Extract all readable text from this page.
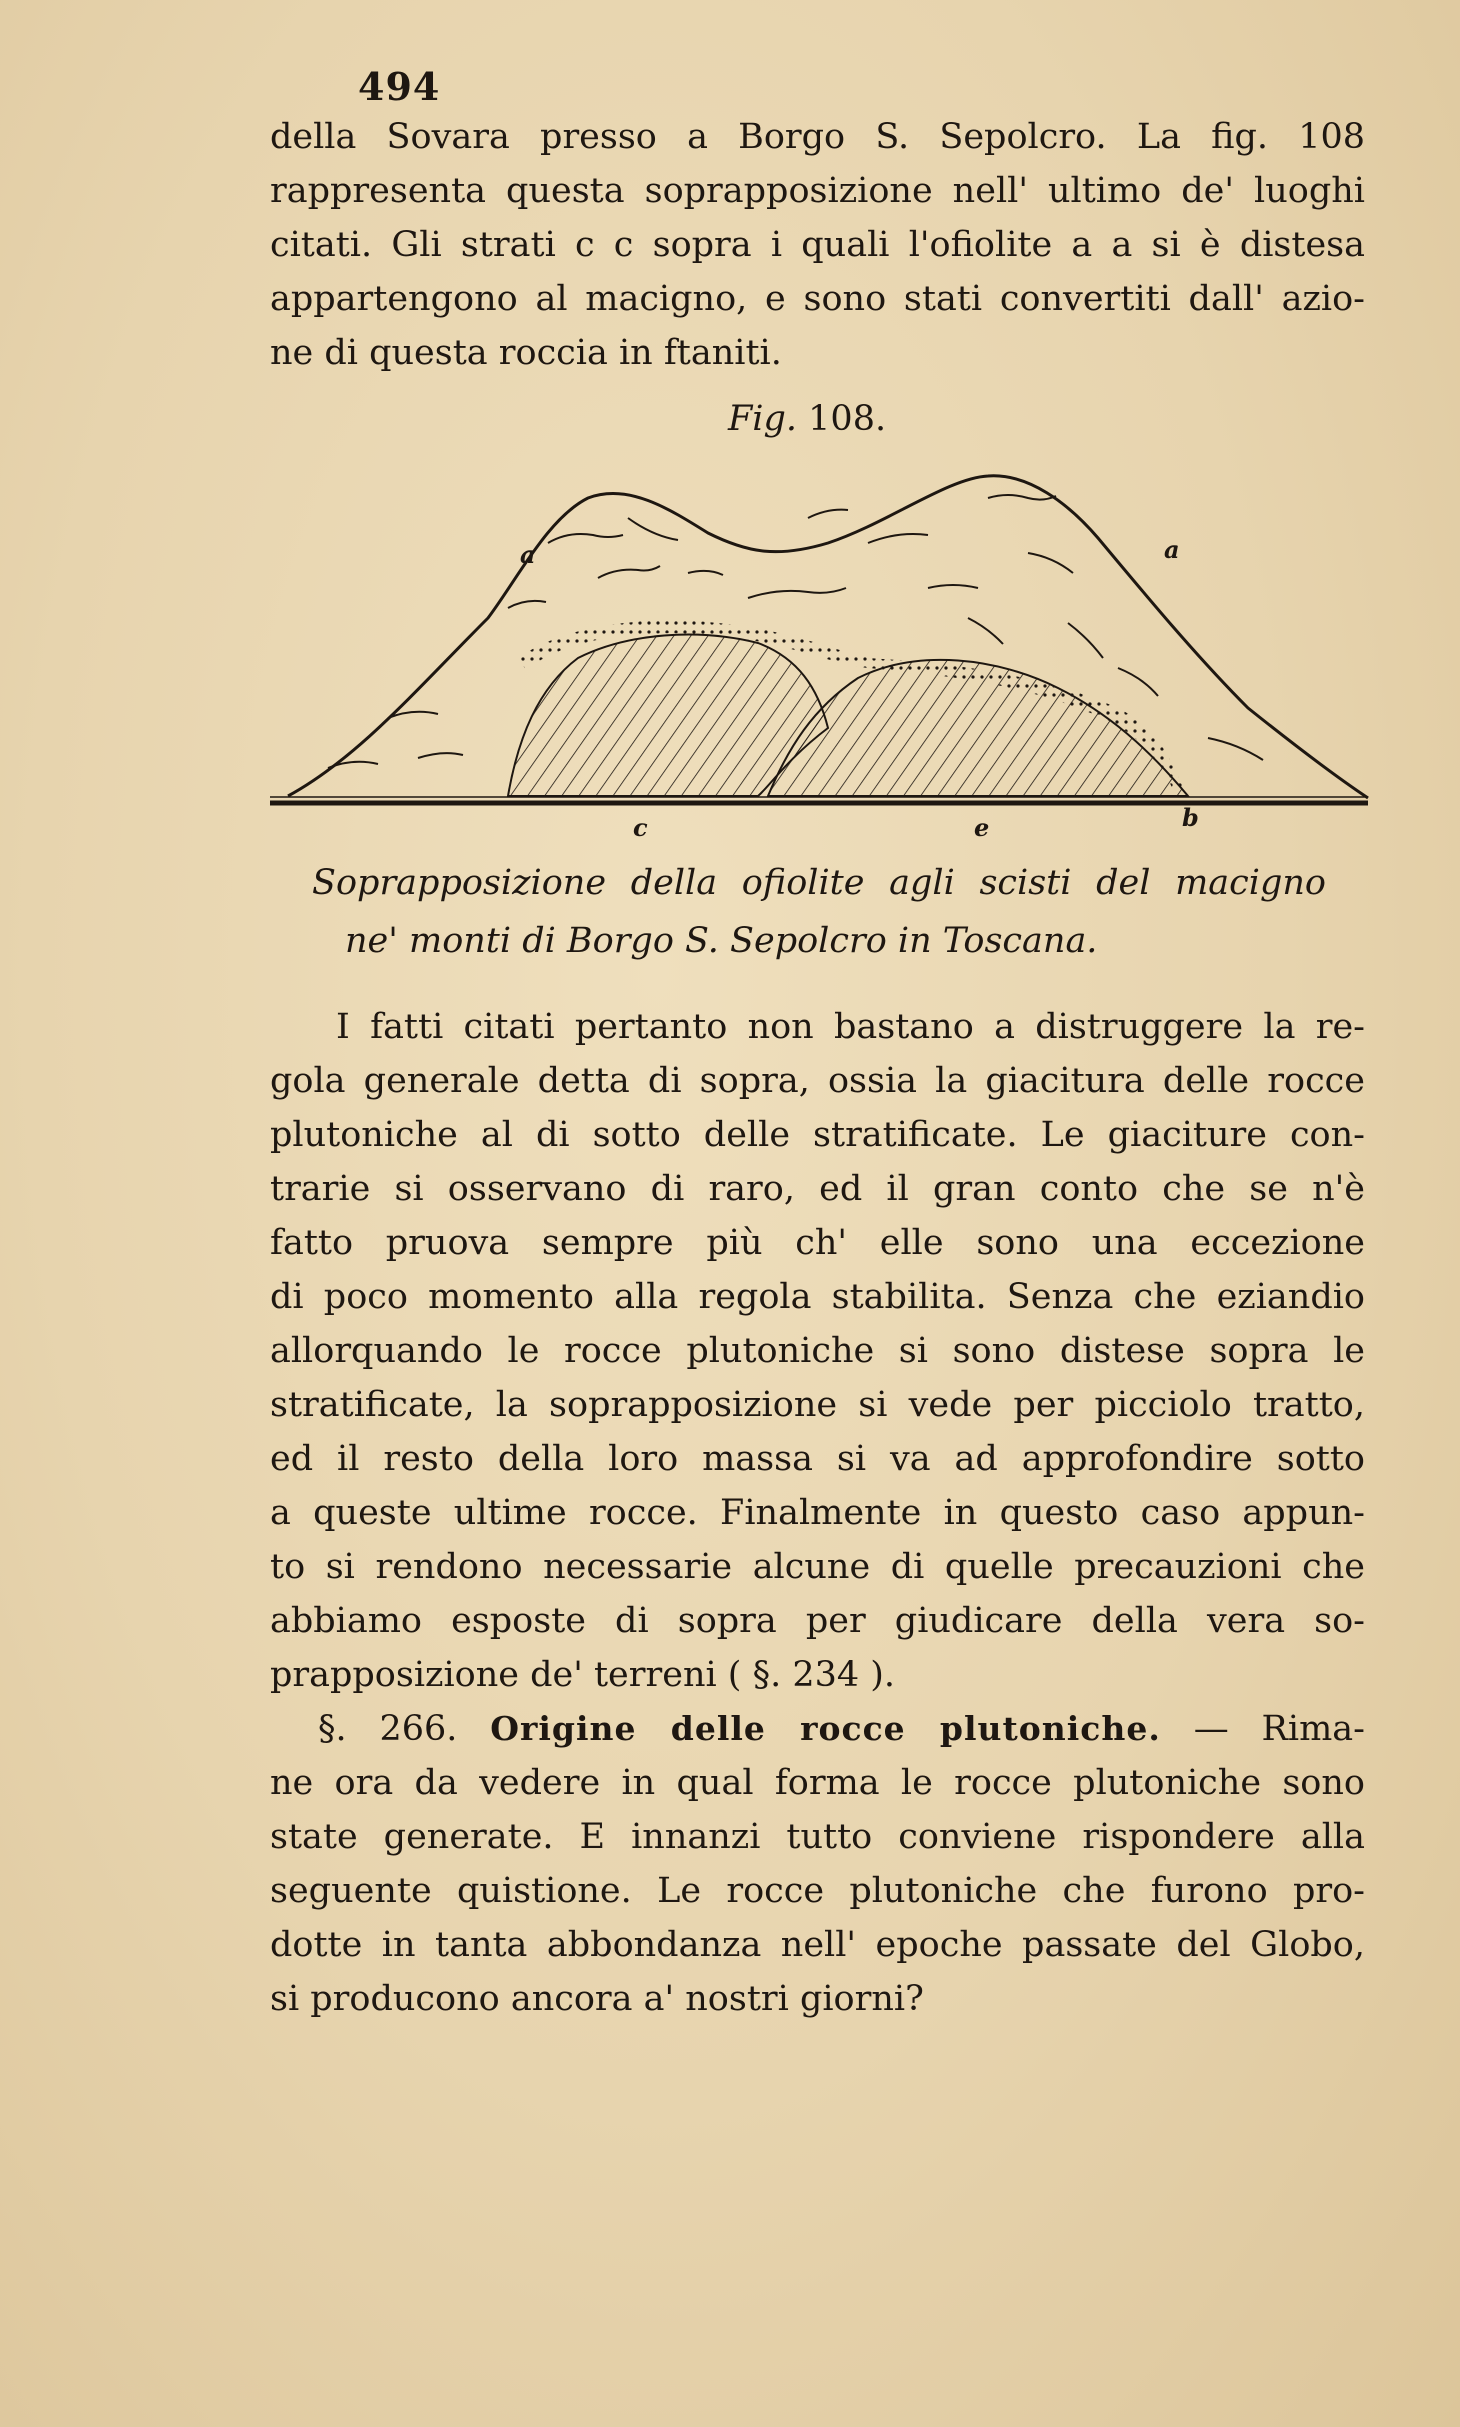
494
della Sovara presso a Borgo S. Sepolcro. La fig. 108
rappresenta questa soprapposizione nell' ultimo de' luoghi
citati. Gli strati c c sopra i quali l'ofiolite a a si è distesa
appartengono al macigno, e sono stati convertiti dall' azio-
ne di questa roccia in ftaniti.
Fig. 108.
a	a
c	e	b
Soprapposizione della ofiolite agli scisti del macigno
ne' monti di Borgo S. Sepolcro in Toscana.
I fatti citati pertanto non bastano a distruggere la re-
gola generale detta di sopra, ossia la giacitura delle rocce
plutoniche al di sotto delle stratificate. Le giaciture con-
trarie si osservano di raro, ed il gran conto che se n'è
fatto pruova sempre più ch' elle sono una eccezione
di poco momento alla regola stabilita. Senza che eziandio
allorquando le rocce plutoniche si sono distese sopra le
stratificate, la soprapposizione si vede per picciolo tratto,
ed il resto della loro massa si va ad approfondire sotto
a queste ultime rocce. Finalmente in questo caso appun-
to si rendono necessarie alcune di quelle precauzioni che
abbiamo esposte di sopra per giudicare della vera so-
prapposizione de' terreni ( §. 234 ).
§. 266. Origine delle rocce plutoniche. — Rima-
ne ora da vedere in qual forma le rocce plutoniche sono
state generate. E innanzi tutto conviene rispondere alla
seguente quistione. Le rocce plutoniche che furono pro-
dotte in tanta abbondanza nell' epoche passate del Globo,
si producono ancora a' nostri giorni?
